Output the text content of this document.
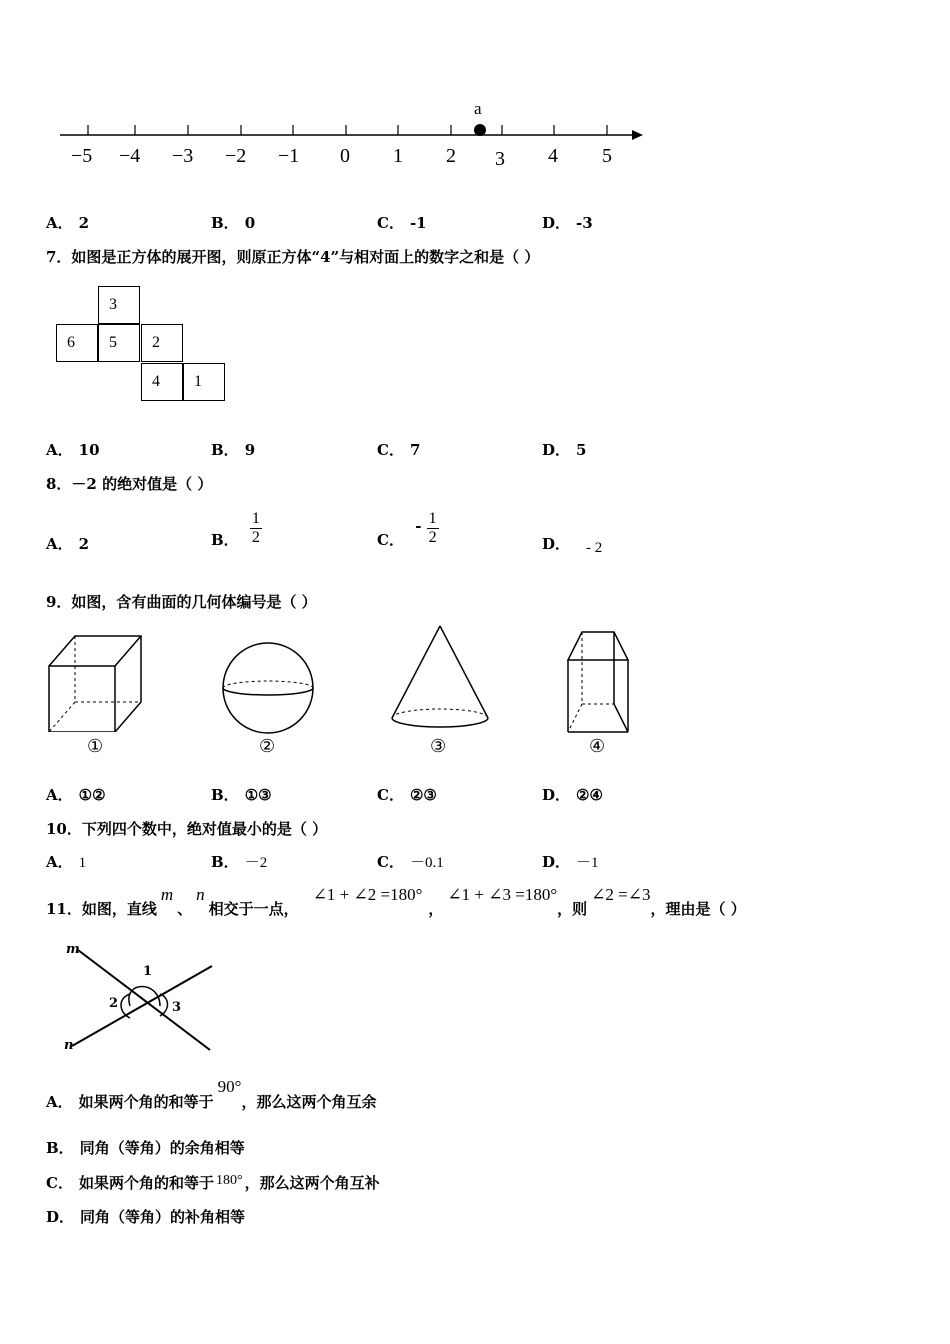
a
−5 −4 −3 −2 −1 0 1 2 3 4 5
A． 2	B． 0	C． -1	D． -3
7．如图是正方体的展开图，则原正方体“4”与相对面上的数字之和是（ ）
3
6	5	2
4	1
A． 10	B． 9	C． 7	D． 5
8．－2 的绝对值是（ ）
A． 2	B． $\frac{1}{2}$	C． - $\frac{1}{2}$	D． - 2
9．如图，含有曲面的几何体编号是（ ）
①	②	③	④
A． ①②	B． ①③	C． ②③	D． ②④
10．下列四个数中，绝对值最小的是（ ）
A． 1	B． －2	C． －0.1	D． －1
11．如图，直线m、n相交于一点，∠1 + ∠2 =180°，∠1 + ∠3 =180°，则∠2 =∠3，理由是（ ）
m
n
1
2	3
A． 如果两个角的和等于90°，那么这两个角互余
B． 同角（等角）的余角相等
C． 如果两个角的和等于 180° ，那么这两个角互补
D． 同角（等角）的补角相等
